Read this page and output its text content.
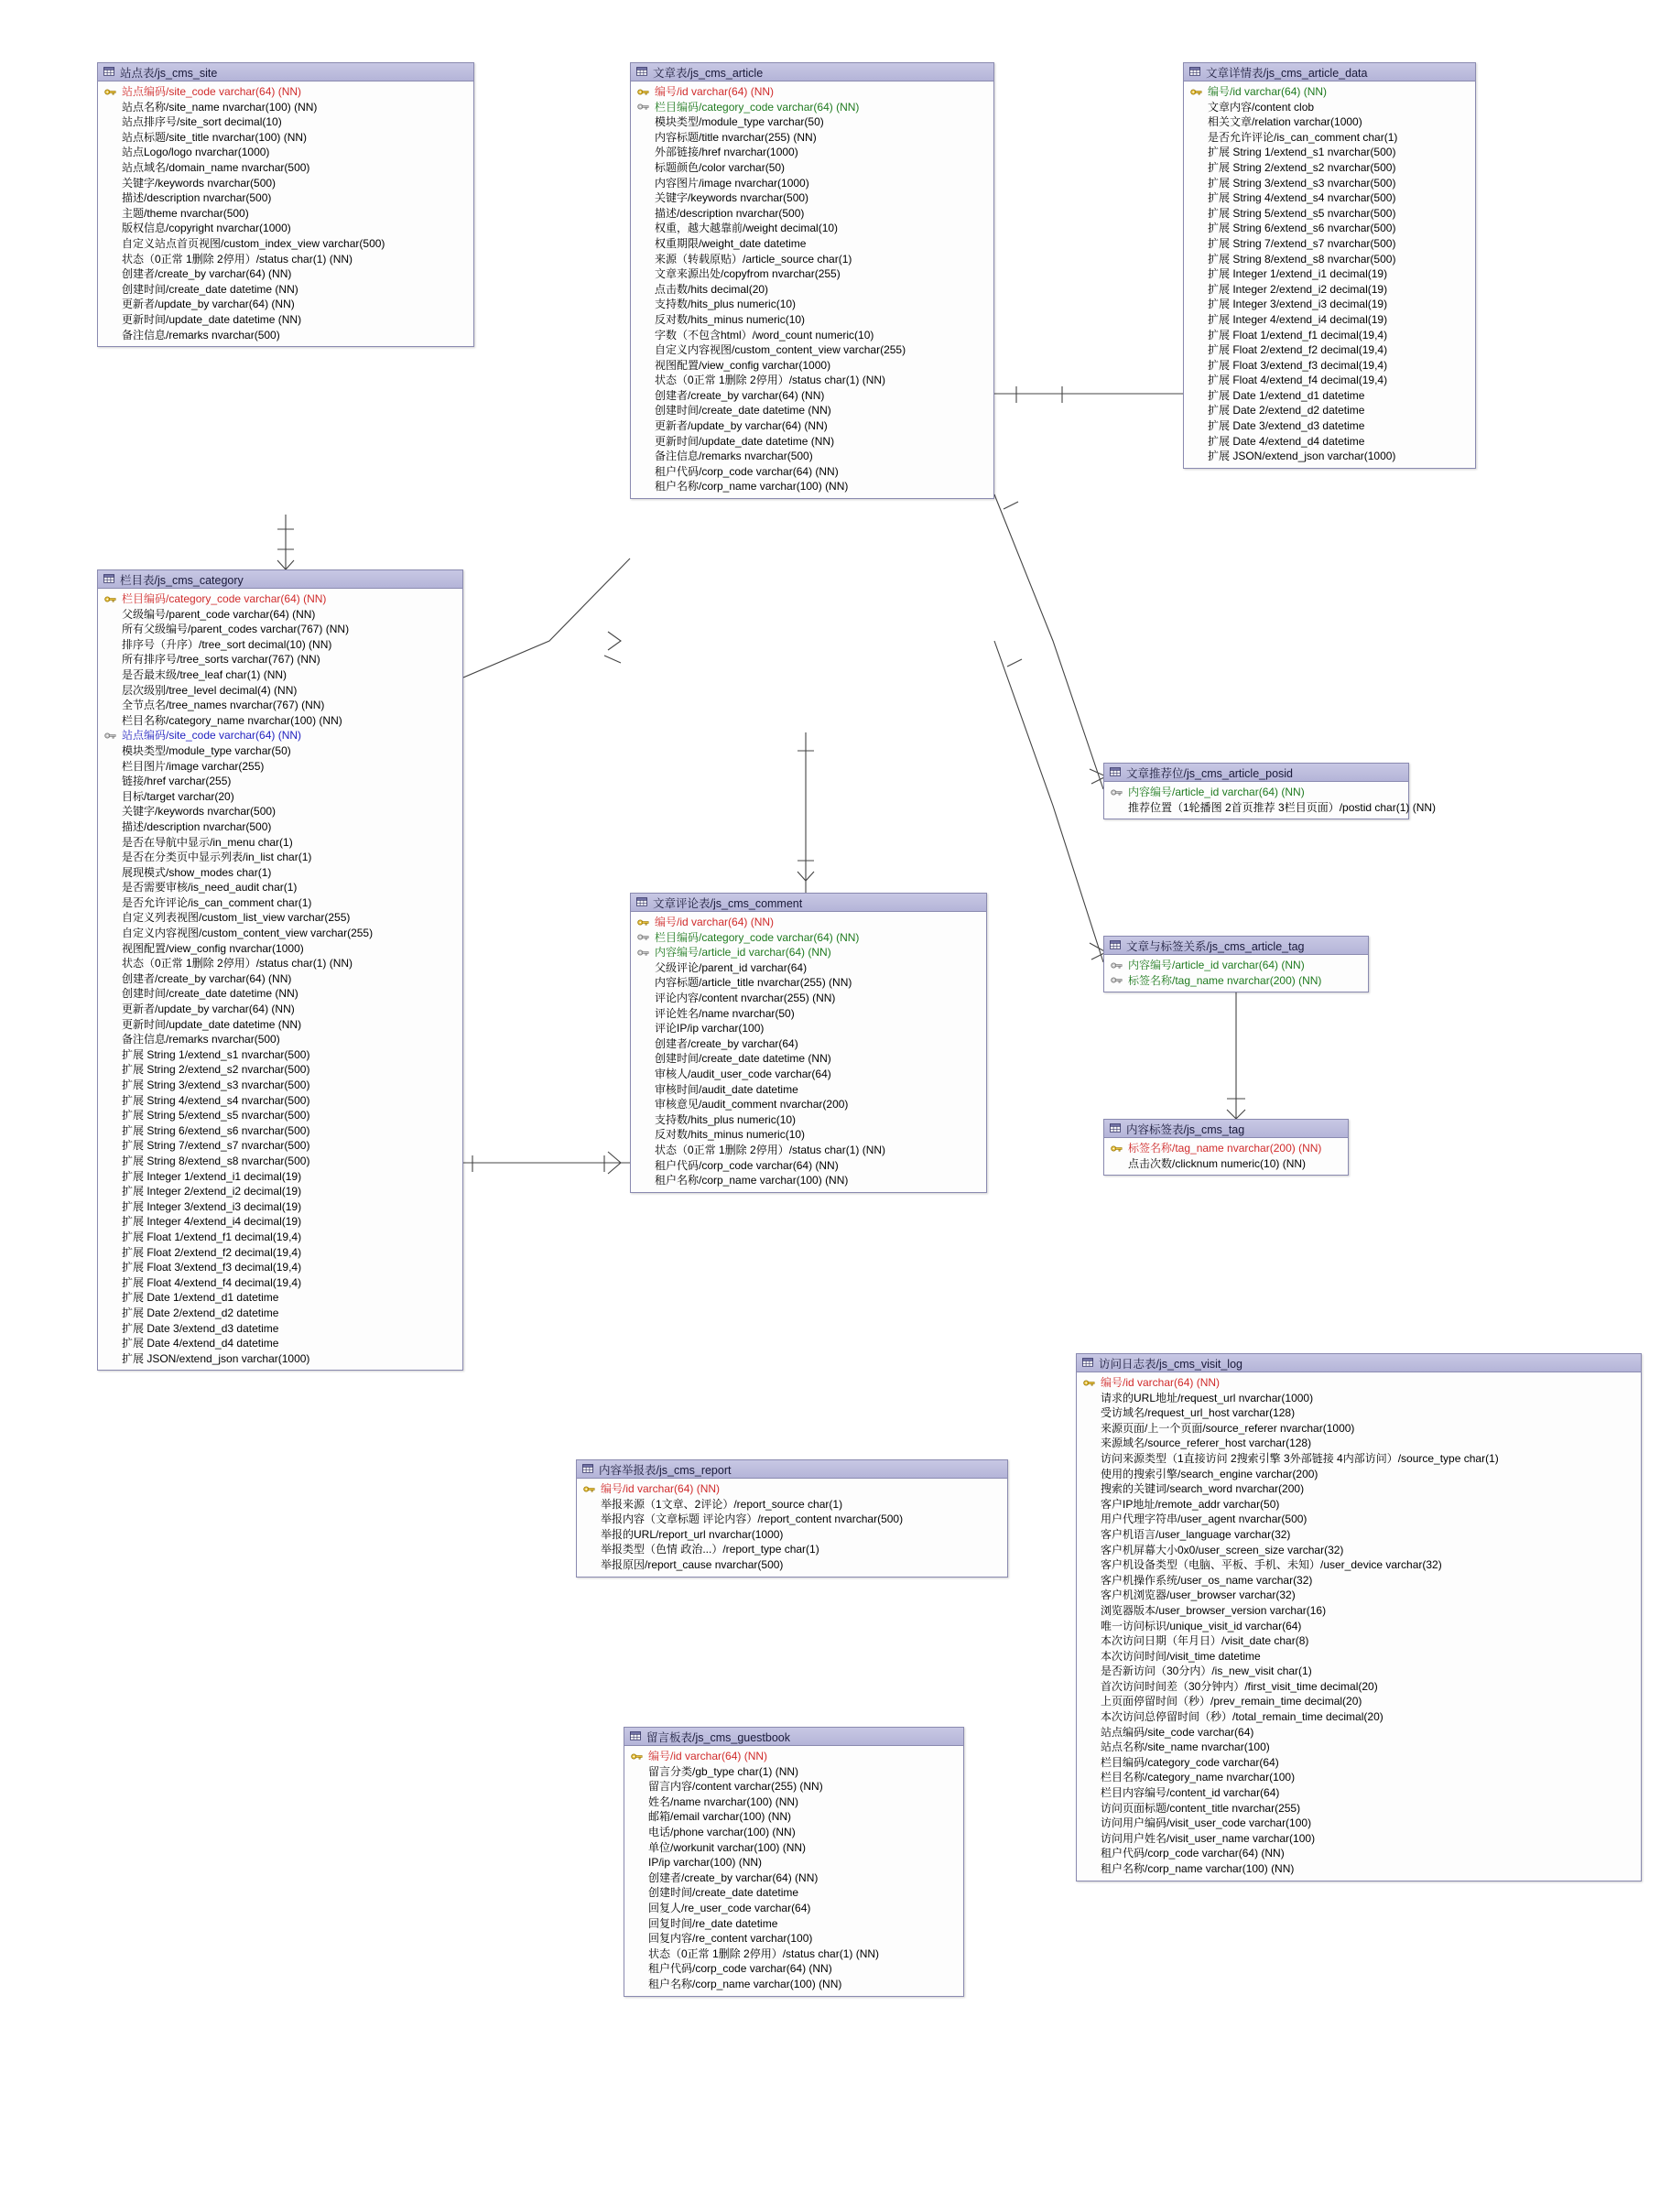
站点表/js_cms_site
站点编码/site_code varchar(64) (NN)
站点名称/site_name nvarchar(100) (NN)
站点排序号/site_sort decimal(10)
站点标题/site_title nvarchar(100) (NN)
站点Logo/logo nvarchar(1000)
站点域名/domain_name nvarchar(500)
关键字/keywords nvarchar(500)
描述/description nvarchar(500)
主题/theme nvarchar(500)
版权信息/copyright nvarchar(1000)
自定义站点首页视图/custom_index_view varchar(500)
状态（0正常 1删除 2停用）/status char(1) (NN)
创建者/create_by varchar(64) (NN)
创建时间/create_date datetime (NN)
更新者/update_by varchar(64) (NN)
更新时间/update_date datetime (NN)
备注信息/remarks nvarchar(500)
栏目表/js_cms_category
栏目编码/category_code varchar(64) (NN)
父级编号/parent_code varchar(64) (NN)
所有父级编号/parent_codes varchar(767) (NN)
排序号（升序）/tree_sort decimal(10) (NN)
所有排序号/tree_sorts varchar(767) (NN)
是否最末级/tree_leaf char(1) (NN)
层次级别/tree_level decimal(4) (NN)
全节点名/tree_names nvarchar(767) (NN)
栏目名称/category_name nvarchar(100) (NN)
站点编码/site_code varchar(64) (NN)
模块类型/module_type varchar(50)
栏目图片/image varchar(255)
链接/href varchar(255)
目标/target varchar(20)
关键字/keywords nvarchar(500)
描述/description nvarchar(500)
是否在导航中显示/in_menu char(1)
是否在分类页中显示列表/in_list char(1)
展现模式/show_modes char(1)
是否需要审核/is_need_audit char(1)
是否允许评论/is_can_comment char(1)
自定义列表视图/custom_list_view varchar(255)
自定义内容视图/custom_content_view varchar(255)
视图配置/view_config nvarchar(1000)
状态（0正常 1删除 2停用）/status char(1) (NN)
创建者/create_by varchar(64) (NN)
创建时间/create_date datetime (NN)
更新者/update_by varchar(64) (NN)
更新时间/update_date datetime (NN)
备注信息/remarks nvarchar(500)
扩展 String 1/extend_s1 nvarchar(500)
扩展 String 2/extend_s2 nvarchar(500)
扩展 String 3/extend_s3 nvarchar(500)
扩展 String 4/extend_s4 nvarchar(500)
扩展 String 5/extend_s5 nvarchar(500)
扩展 String 6/extend_s6 nvarchar(500)
扩展 String 7/extend_s7 nvarchar(500)
扩展 String 8/extend_s8 nvarchar(500)
扩展 Integer 1/extend_i1 decimal(19)
扩展 Integer 2/extend_i2 decimal(19)
扩展 Integer 3/extend_i3 decimal(19)
扩展 Integer 4/extend_i4 decimal(19)
扩展 Float 1/extend_f1 decimal(19,4)
扩展 Float 2/extend_f2 decimal(19,4)
扩展 Float 3/extend_f3 decimal(19,4)
扩展 Float 4/extend_f4 decimal(19,4)
扩展 Date 1/extend_d1 datetime
扩展 Date 2/extend_d2 datetime
扩展 Date 3/extend_d3 datetime
扩展 Date 4/extend_d4 datetime
扩展 JSON/extend_json varchar(1000)
文章表/js_cms_article
编号/id varchar(64) (NN)
栏目编码/category_code varchar(64) (NN)
模块类型/module_type varchar(50)
内容标题/title nvarchar(255) (NN)
外部链接/href nvarchar(1000)
标题颜色/color varchar(50)
内容图片/image nvarchar(1000)
关键字/keywords nvarchar(500)
描述/description nvarchar(500)
权重，越大越靠前/weight decimal(10)
权重期限/weight_date datetime
来源（转载原贴）/article_source char(1)
文章来源出处/copyfrom nvarchar(255)
点击数/hits decimal(20)
支持数/hits_plus numeric(10)
反对数/hits_minus numeric(10)
字数（不包含html）/word_count numeric(10)
自定义内容视图/custom_content_view varchar(255)
视图配置/view_config varchar(1000)
状态（0正常 1删除 2停用）/status char(1) (NN)
创建者/create_by varchar(64) (NN)
创建时间/create_date datetime (NN)
更新者/update_by varchar(64) (NN)
更新时间/update_date datetime (NN)
备注信息/remarks nvarchar(500)
租户代码/corp_code varchar(64) (NN)
租户名称/corp_name varchar(100) (NN)
文章详情表/js_cms_article_data
编号/id varchar(64) (NN)
文章内容/content clob
相关文章/relation varchar(1000)
是否允许评论/is_can_comment char(1)
扩展 String 1/extend_s1 nvarchar(500)
扩展 String 2/extend_s2 nvarchar(500)
扩展 String 3/extend_s3 nvarchar(500)
扩展 String 4/extend_s4 nvarchar(500)
扩展 String 5/extend_s5 nvarchar(500)
扩展 String 6/extend_s6 nvarchar(500)
扩展 String 7/extend_s7 nvarchar(500)
扩展 String 8/extend_s8 nvarchar(500)
扩展 Integer 1/extend_i1 decimal(19)
扩展 Integer 2/extend_i2 decimal(19)
扩展 Integer 3/extend_i3 decimal(19)
扩展 Integer 4/extend_i4 decimal(19)
扩展 Float 1/extend_f1 decimal(19,4)
扩展 Float 2/extend_f2 decimal(19,4)
扩展 Float 3/extend_f3 decimal(19,4)
扩展 Float 4/extend_f4 decimal(19,4)
扩展 Date 1/extend_d1 datetime
扩展 Date 2/extend_d2 datetime
扩展 Date 3/extend_d3 datetime
扩展 Date 4/extend_d4 datetime
扩展 JSON/extend_json varchar(1000)
文章推荐位/js_cms_article_posid
内容编号/article_id varchar(64) (NN)
推荐位置（1轮播图 2首页推荐 3栏目页面）/postid char(1) (NN)
文章与标签关系/js_cms_article_tag
内容编号/article_id varchar(64) (NN)
标签名称/tag_name nvarchar(200) (NN)
内容标签表/js_cms_tag
标签名称/tag_name nvarchar(200) (NN)
点击次数/clicknum numeric(10) (NN)
文章评论表/js_cms_comment
编号/id varchar(64) (NN)
栏目编码/category_code varchar(64) (NN)
内容编号/article_id varchar(64) (NN)
父级评论/parent_id varchar(64)
内容标题/article_title nvarchar(255) (NN)
评论内容/content nvarchar(255) (NN)
评论姓名/name nvarchar(50)
评论IP/ip varchar(100)
创建者/create_by varchar(64)
创建时间/create_date datetime (NN)
审核人/audit_user_code varchar(64)
审核时间/audit_date datetime
审核意见/audit_comment nvarchar(200)
支持数/hits_plus numeric(10)
反对数/hits_minus numeric(10)
状态（0正常 1删除 2停用）/status char(1) (NN)
租户代码/corp_code varchar(64) (NN)
租户名称/corp_name varchar(100) (NN)
内容举报表/js_cms_report
编号/id varchar(64) (NN)
举报来源（1文章、2评论）/report_source char(1)
举报内容（文章标题 评论内容）/report_content nvarchar(500)
举报的URL/report_url nvarchar(1000)
举报类型（色情 政治...）/report_type char(1)
举报原因/report_cause nvarchar(500)
留言板表/js_cms_guestbook
编号/id varchar(64) (NN)
留言分类/gb_type char(1) (NN)
留言内容/content varchar(255) (NN)
姓名/name nvarchar(100) (NN)
邮箱/email varchar(100) (NN)
电话/phone varchar(100) (NN)
单位/workunit varchar(100) (NN)
IP/ip varchar(100) (NN)
创建者/create_by varchar(64) (NN)
创建时间/create_date datetime
回复人/re_user_code varchar(64)
回复时间/re_date datetime
回复内容/re_content varchar(100)
状态（0正常 1删除 2停用）/status char(1) (NN)
租户代码/corp_code varchar(64) (NN)
租户名称/corp_name varchar(100) (NN)
访问日志表/js_cms_visit_log
编号/id varchar(64) (NN)
请求的URL地址/request_url nvarchar(1000)
受访域名/request_url_host varchar(128)
来源页面/上一个页面/source_referer nvarchar(1000)
来源域名/source_referer_host varchar(128)
访问来源类型（1直接访问 2搜索引擎 3外部链接 4内部访问）/source_type char(1)
使用的搜索引擎/search_engine varchar(200)
搜索的关键词/search_word nvarchar(200)
客户IP地址/remote_addr varchar(50)
用户代理字符串/user_agent nvarchar(500)
客户机语言/user_language varchar(32)
客户机屏幕大小0x0/user_screen_size varchar(32)
客户机设备类型（电脑、平板、手机、未知）/user_device varchar(32)
客户机操作系统/user_os_name varchar(32)
客户机浏览器/user_browser varchar(32)
浏览器版本/user_browser_version varchar(16)
唯一访问标识/unique_visit_id varchar(64)
本次访问日期（年月日）/visit_date char(8)
本次访问时间/visit_time datetime
是否新访问（30分内）/is_new_visit char(1)
首次访问时间差（30分钟内）/first_visit_time decimal(20)
上页面停留时间（秒）/prev_remain_time decimal(20)
本次访问总停留时间（秒）/total_remain_time decimal(20)
站点编码/site_code varchar(64)
站点名称/site_name nvarchar(100)
栏目编码/category_code varchar(64)
栏目名称/category_name nvarchar(100)
栏目内容编号/content_id varchar(64)
访问页面标题/content_title nvarchar(255)
访问用户编码/visit_user_code varchar(100)
访问用户姓名/visit_user_name varchar(100)
租户代码/corp_code varchar(64) (NN)
租户名称/corp_name varchar(100) (NN)
